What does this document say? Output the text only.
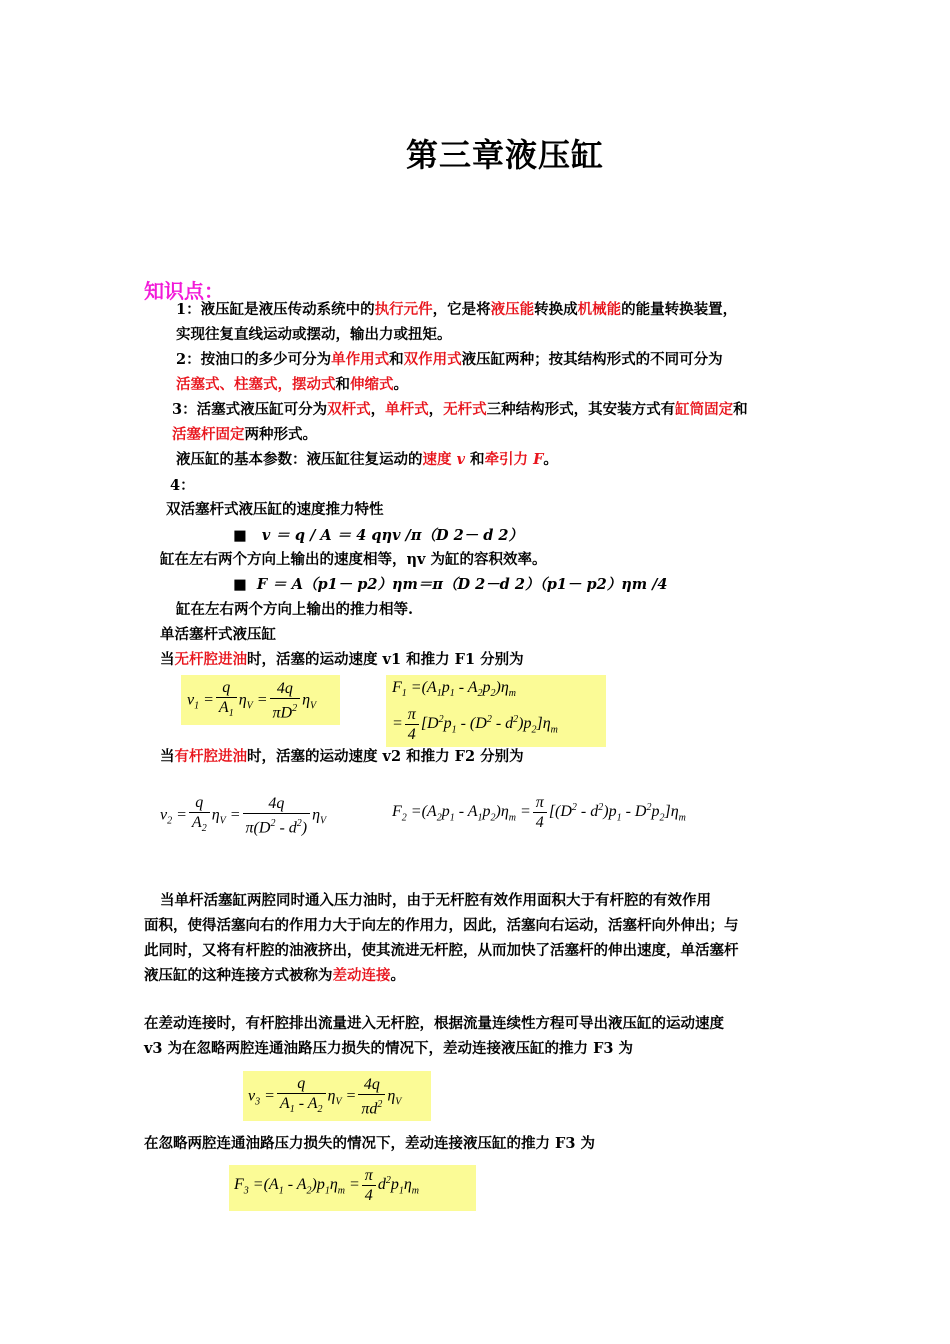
第三章液压缸
知识点：
1：液压缸是液压传动系统中的执行元件，它是将液压能转换成机械能的能量转换装置，
实现往复直线运动或摆动，输出力或扭矩。
2：按油口的多少可分为单作用式和双作用式液压缸两种；按其结构形式的不同可分为
活塞式、柱塞式，摆动式和伸缩式。
3：活塞式液压缸可分为双杆式，单杆式，无杆式三种结构形式，其安装方式有缸筒固定和
活塞杆固定两种形式。
液压缸的基本参数：液压缸往复运动的速度 v 和牵引力 F。
4：
双活塞杆式液压缸的速度推力特性
■ v ＝ q / A ＝ 4 qηv /π（D 2－ d 2）
缸在左右两个方向上输出的速度相等，ηv 为缸的容积效率。
■ F ＝ A（p1－ p2）ηm＝π（D 2－d 2）（p1－ p2）ηm /4
缸在左右两个方向上输出的推力相等.
单活塞杆式液压缸
当无杆腔进油时，活塞的运动速度 v1 和推力 F1 分别为
$v_1 = \frac{q}{A_1} \eta_V = \frac{4q}{\pi D^2} \eta_V$
$F_1 =(A_1p_1 - A_2p_2)\eta_m$
= $\frac{\pi}{4} [D^2p_1 - (D^2 - d^2)p_2]\eta_m$
当有杆腔进油时，活塞的运动速度 v2 和推力 F2 分别为
$v_2 = \frac{q}{A_2} \eta_V = \frac{4q}{\pi(D^2 - d^2)} \eta_V$
$F_2 =(A_2p_1 - A_1p_2)\eta_m = \frac{\pi}{4} [(D^2 - d^2)p_1 - D^2p_2]\eta_m$
当单杆活塞缸两腔同时通入压力油时，由于无杆腔有效作用面积大于有杆腔的有效作用
面积，使得活塞向右的作用力大于向左的作用力，因此，活塞向右运动，活塞杆向外伸出；与
此同时，又将有杆腔的油液挤出，使其流进无杆腔，从而加快了活塞杆的伸出速度，单活塞杆
液压缸的这种连接方式被称为差动连接。
在差动连接时，有杆腔排出流量进入无杆腔，根据流量连续性方程可导出液压缸的运动速度
v3 为在忽略两腔连通油路压力损失的情况下，差动连接液压缸的推力 F3 为
$v_3 = \frac{q}{A_1 - A_2} \eta_V = \frac{4q}{\pi d^2} \eta_V$
在忽略两腔连通油路压力损失的情况下，差动连接液压缸的推力 F3 为
$F_3 =(A_1 - A_2)p_1\eta_m = \frac{\pi}{4} d^2p_1\eta_m$
